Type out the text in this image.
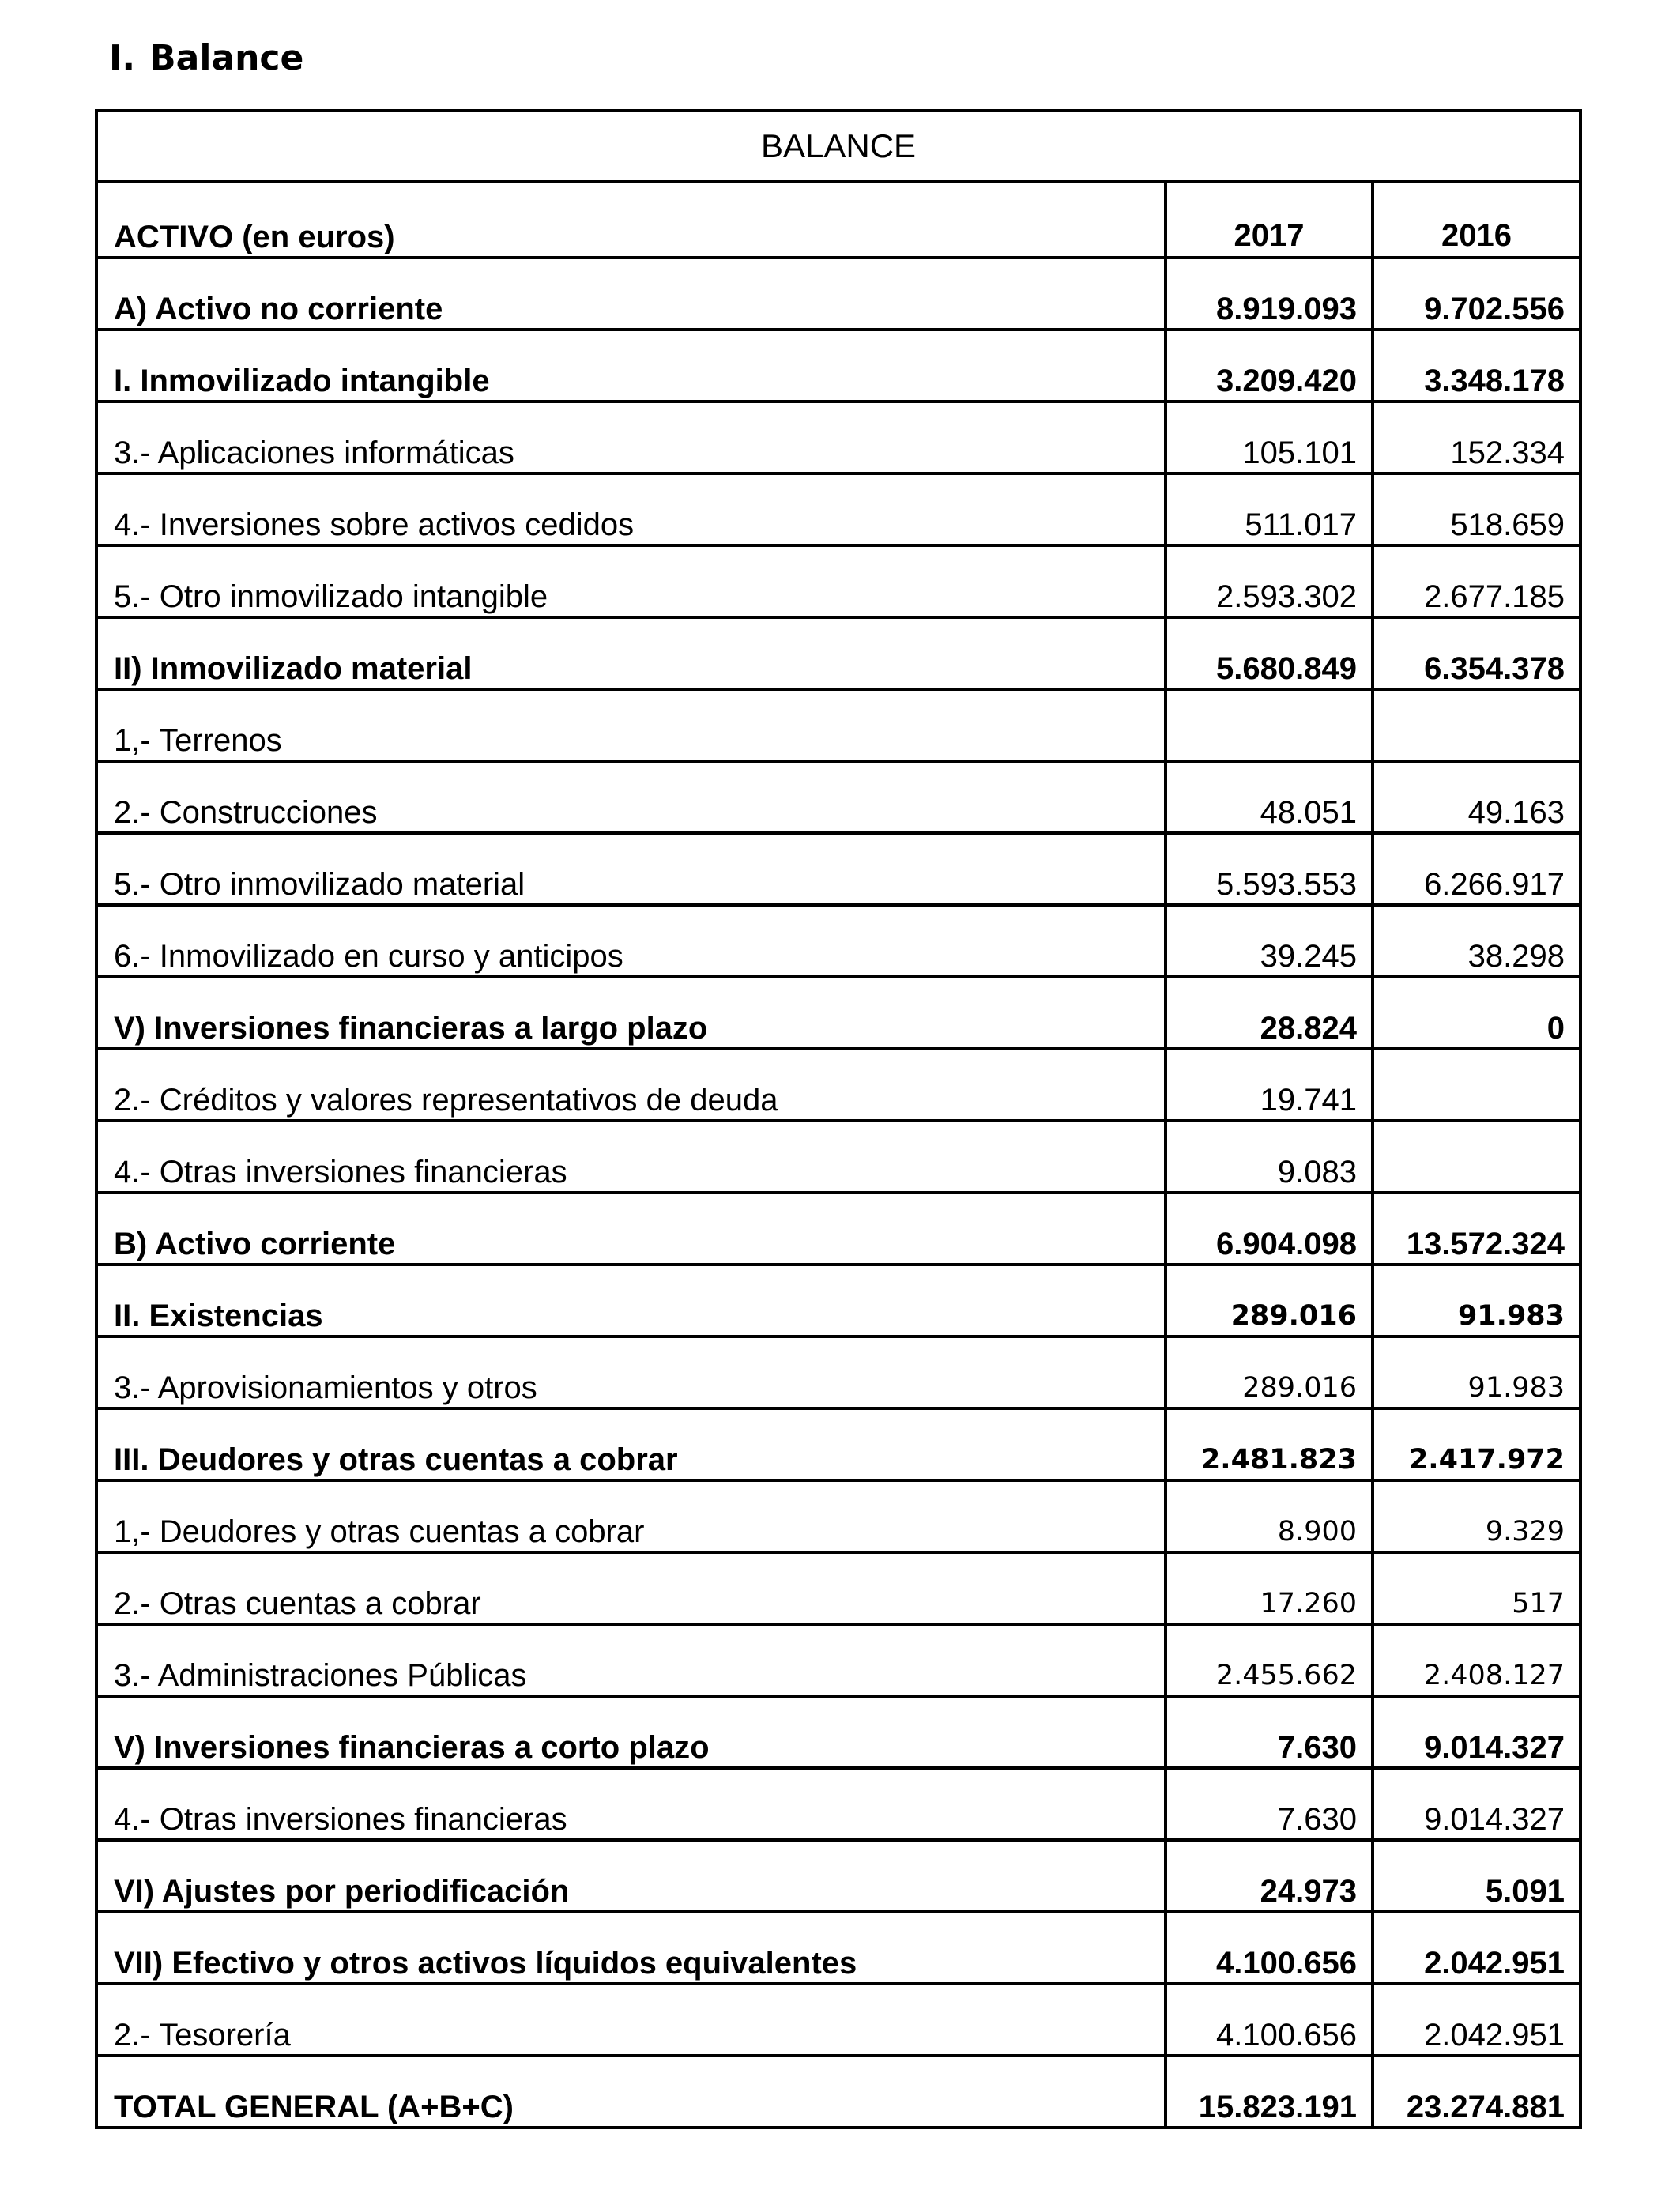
I. Balance
BALANCE		
ACTIVO (en euros)	2017	2016
A) Activo no corriente	8.919.093	9.702.556
I. Inmovilizado intangible	3.209.420	3.348.178
3.- Aplicaciones informáticas	105.101	152.334
4.- Inversiones sobre activos cedidos	511.017	518.659
5.- Otro inmovilizado intangible	2.593.302	2.677.185
II) Inmovilizado material	5.680.849	6.354.378
1,- Terrenos		
2.- Construcciones	48.051	49.163
5.- Otro inmovilizado material	5.593.553	6.266.917
6.- Inmovilizado en curso y anticipos	39.245	38.298
V) Inversiones financieras a largo plazo	28.824	0
2.- Créditos y valores representativos de deuda	19.741	
4.- Otras inversiones financieras	9.083	
B) Activo corriente	6.904.098	13.572.324
II. Existencias	289.016	91.983
3.- Aprovisionamientos y otros	289.016	91.983
III. Deudores y otras cuentas a cobrar	2.481.823	2.417.972
1,- Deudores y otras cuentas a cobrar	8.900	9.329
2.- Otras cuentas a cobrar	17.260	517
3.- Administraciones Públicas	2.455.662	2.408.127
V) Inversiones financieras a corto plazo	7.630	9.014.327
4.- Otras inversiones financieras	7.630	9.014.327
VI) Ajustes por periodificación	24.973	5.091
VII) Efectivo y otros activos líquidos equivalentes	4.100.656	2.042.951
2.- Tesorería	4.100.656	2.042.951
TOTAL GENERAL (A+B+C)	15.823.191	23.274.881
